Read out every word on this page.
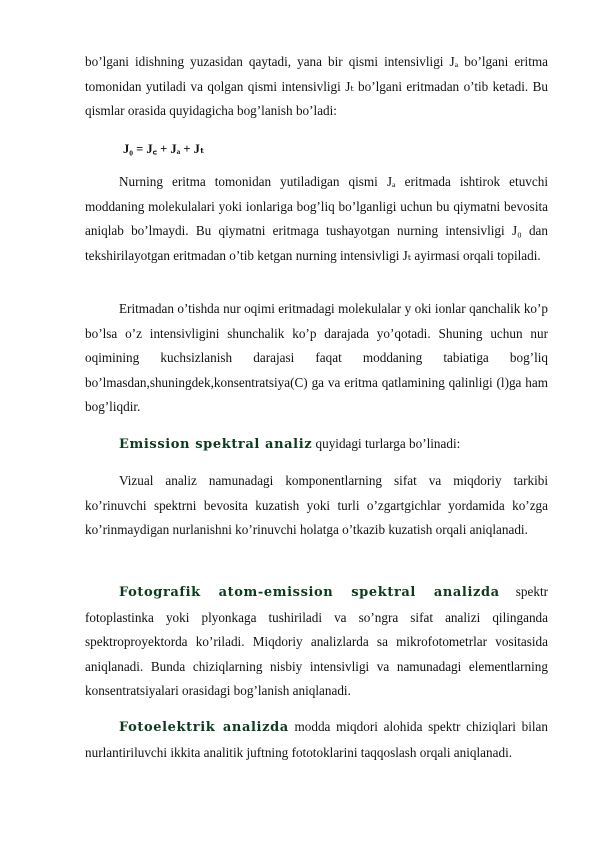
bo’lgani idishning yuzasidan qaytadi, yana bir qismi intensivligi Jₐ bo’lgani eritma tomonidan yutiladi va qolgan qismi intensivligi Jₜ bo’lgani eritmadan o’tib ketadi. Bu qismlar orasida quyidagicha bog’lanish bo’ladi:

J₀ = J꜀ + Jₐ + Jₜ

Nurning eritma tomonidan yutiladigan qismi Jₐ eritmada ishtirok etuvchi moddaning molekulalari yoki ionlariga bog’liq bo’lganligi uchun bu qiymatni bevosita aniqlab bo’lmaydi. Bu qiymatni eritmaga tushayotgan nurning intensivligi J₀ dan tekshirilayotgan eritmadan o’tib ketgan nurning intensivligi Jₜ ayirmasi orqali topiladi.

Eritmadan o’tishda nur oqimi eritmadagi molekulalar y oki ionlar qanchalik ko’p bo’lsa o’z intensivligini shunchalik ko’p darajada yo’qotadi. Shuning uchun nur oqimining kuchsizlanish darajasi faqat moddaning tabiatiga bog’liq bo’lmasdan,shuningdek,konsentratsiya(C) ga va eritma qatlamining qalinligi (l)ga ham bog’liqdir.

Emission spektral analiz quyidagi turlarga bo’linadi:

Vizual analiz namunadagi komponentlarning sifat va miqdoriy tarkibi ko’rinuvchi spektrni bevosita kuzatish yoki turli o’zgartgichlar yordamida ko’zga ko’rinmaydigan nurlanishni ko’rinuvchi holatga o’tkazib kuzatish orqali aniqlanadi.

Fotografik atom-emission spektral analizda spektr fotoplastinka yoki plyonkaga tushiriladi va so’ngra sifat analizi qilinganda spektroproyektorda ko’riladi. Miqdoriy analizlarda sa mikrofotometrlar vositasida aniqlanadi. Bunda chiziqlarning nisbiy intensivligi va namunadagi elementlarning konsentratsiyalari orasidagi bog’lanish aniqlanadi.

Fotoelektrik analizda modda miqdori alohida spektr chiziqlari bilan nurlantiriluvchi ikkita analitik juftning fototoklarini taqqoslash orqali aniqlanadi.
